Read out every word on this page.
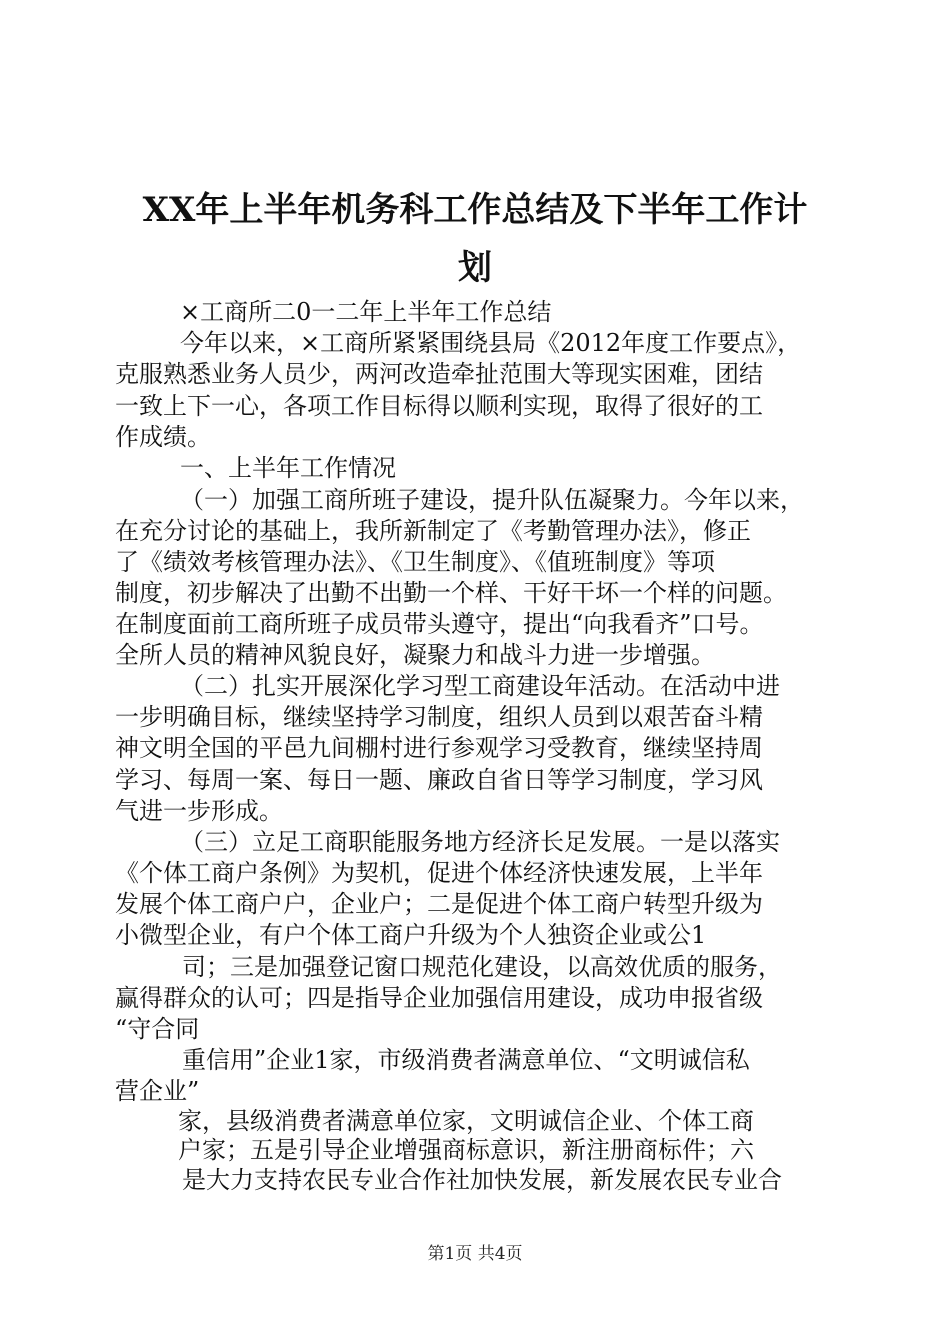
XX年上半年机务科工作总结及下半年工作计
划
×工商所二0一二年上半年工作总结
今年以来，×工商所紧紧围绕县局《2012年度工作要点》，
克服熟悉业务人员少，两河改造牵扯范围大等现实困难，团结
一致上下一心，各项工作目标得以顺利实现，取得了很好的工
作成绩。
一、上半年工作情况
（一）加强工商所班子建设，提升队伍凝聚力。今年以来，
在充分讨论的基础上，我所新制定了《考勤管理办法》，修正
了《绩效考核管理办法》、《卫生制度》、《值班制度》等项
制度，初步解决了出勤不出勤一个样、干好干坏一个样的问题。
在制度面前工商所班子成员带头遵守，提出“向我看齐”口号。
全所人员的精神风貌良好，凝聚力和战斗力进一步增强。
（二）扎实开展深化学习型工商建设年活动。在活动中进
一步明确目标，继续坚持学习制度，组织人员到以艰苦奋斗精
神文明全国的平邑九间棚村进行参观学习受教育，继续坚持周
学习、每周一案、每日一题、廉政自省日等学习制度，学习风
气进一步形成。
（三）立足工商职能服务地方经济长足发展。一是以落实
《个体工商户条例》为契机，促进个体经济快速发展，上半年
发展个体工商户户，企业户；二是促进个体工商户转型升级为
小微型企业，有户个体工商户升级为个人独资企业或公1
司；三是加强登记窗口规范化建设，以高效优质的服务，
赢得群众的认可；四是指导企业加强信用建设，成功申报省级
“守合同
重信用”企业1家，市级消费者满意单位、“文明诚信私
营企业”
家，县级消费者满意单位家，文明诚信企业、个体工商
户家；五是引导企业增强商标意识，新注册商标件；六
是大力支持农民专业合作社加快发展，新发展农民专业合
第1页 共4页
